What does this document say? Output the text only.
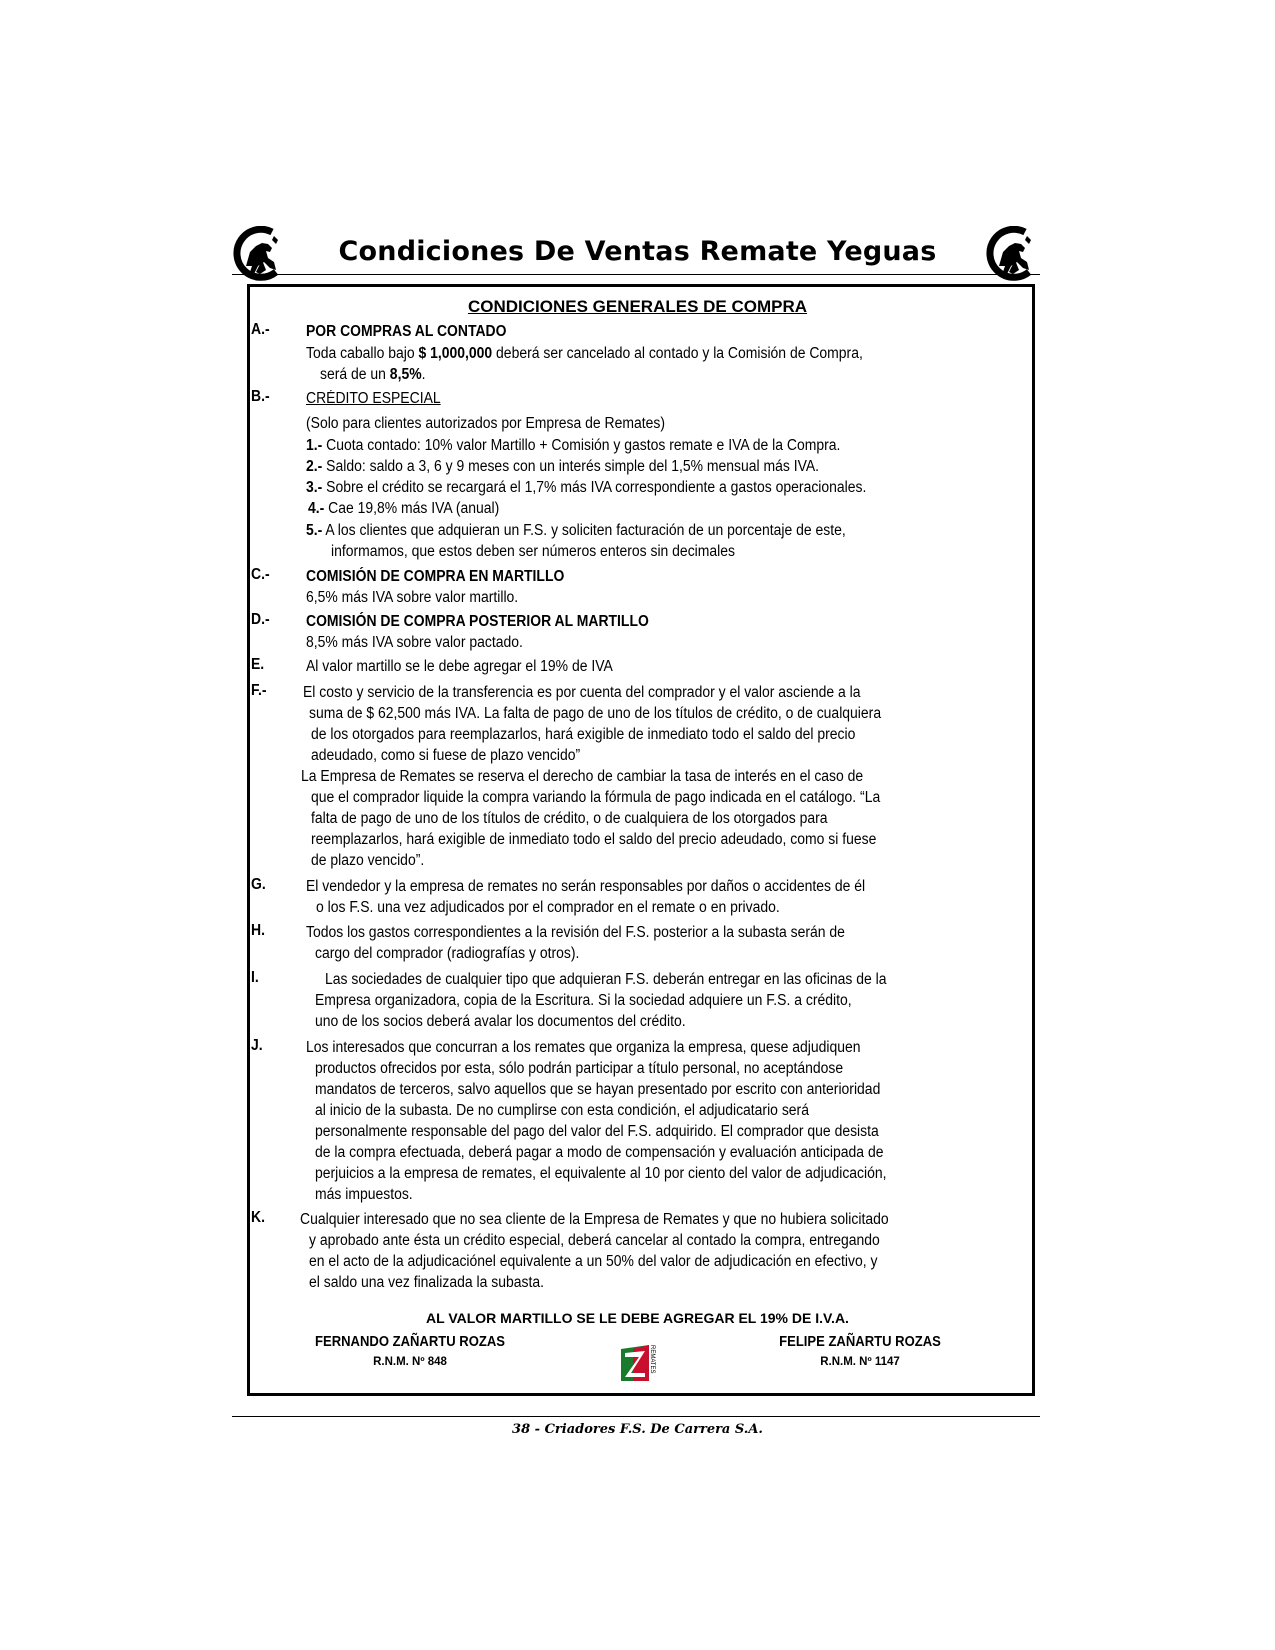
Condiciones De Ventas Remate Yeguas
CONDICIONES GENERALES DE COMPRA
A.- POR COMPRAS AL CONTADO
Toda caballo bajo $ 1,000,000 deberá ser cancelado al contado y la Comisión de Compra,
será de un 8,5%.
B.- CRÉDITO ESPECIAL
(Solo para clientes autorizados por Empresa de Remates)
1.- Cuota contado: 10% valor Martillo + Comisión y gastos remate e IVA de la Compra.
2.- Saldo: saldo a 3, 6 y 9 meses con un interés simple del 1,5% mensual más IVA.
3.- Sobre el crédito se recargará el 1,7% más IVA correspondiente a gastos operacionales.
4.- Cae 19,8% más IVA (anual)
5.- A los clientes que adquieran un F.S. y soliciten facturación de un porcentaje de este,
informamos, que estos deben ser números enteros sin decimales
C.- COMISIÓN DE COMPRA EN MARTILLO
6,5% más IVA sobre valor martillo.
D.- COMISIÓN DE COMPRA POSTERIOR AL MARTILLO
8,5% más IVA sobre valor pactado.
E.	Al valor martillo se le debe agregar el 19% de IVA
F.- El costo y servicio de la transferencia es por cuenta del comprador y el valor asciende a la
suma de $ 62,500 más IVA. La falta de pago de uno de los títulos de crédito, o de cualquiera
de los otorgados para reemplazarlos, hará exigible de inmediato todo el saldo del precio
adeudado, como si fuese de plazo vencido”
La Empresa de Remates se reserva el derecho de cambiar la tasa de interés en el caso de
que el comprador liquide la compra variando la fórmula de pago indicada en el catálogo. “La
falta de pago de uno de los títulos de crédito, o de cualquiera de los otorgados para
reemplazarlos, hará exigible de inmediato todo el saldo del precio adeudado, como si fuese
de plazo vencido”.
G.	El vendedor y la empresa de remates no serán responsables por daños o accidentes de él
o los F.S. una vez adjudicados por el comprador en el remate o en privado.
H.	Todos los gastos correspondientes a la revisión del F.S. posterior a la subasta serán de
cargo del comprador (radiografías y otros).
I.	Las sociedades de cualquier tipo que adquieran F.S. deberán entregar en las oficinas de la
Empresa organizadora, copia de la Escritura. Si la sociedad adquiere un F.S. a crédito,
uno de los socios deberá avalar los documentos del crédito.
J.	Los interesados que concurran a los remates que organiza la empresa, quese adjudiquen
productos ofrecidos por esta, sólo podrán participar a título personal, no aceptándose
mandatos de terceros, salvo aquellos que se hayan presentado por escrito con anterioridad
al inicio de la subasta. De no cumplirse con esta condición, el adjudicatario será
personalmente responsable del pago del valor del F.S. adquirido. El comprador que desista
de la compra efectuada, deberá pagar a modo de compensación y evaluación anticipada de
perjuicios a la empresa de remates, el equivalente al 10 por ciento del valor de adjudicación,
más impuestos.
K. Cualquier interesado que no sea cliente de la Empresa de Remates y que no hubiera solicitado
y aprobado ante ésta un crédito especial, deberá cancelar al contado la compra, entregando
en el acto de la adjudicaciónel equivalente a un 50% del valor de adjudicación en efectivo, y
el saldo una vez finalizada la subasta.
AL VALOR MARTILLO SE LE DEBE AGREGAR EL 19% DE I.V.A.
FERNANDO ZAÑARTU ROZAS
R.N.M. Nº 848	REMATES
FELIPE ZAÑARTU ROZAS
R.N.M. Nº 1147
38 - Criadores F.S. De Carrera S.A.
